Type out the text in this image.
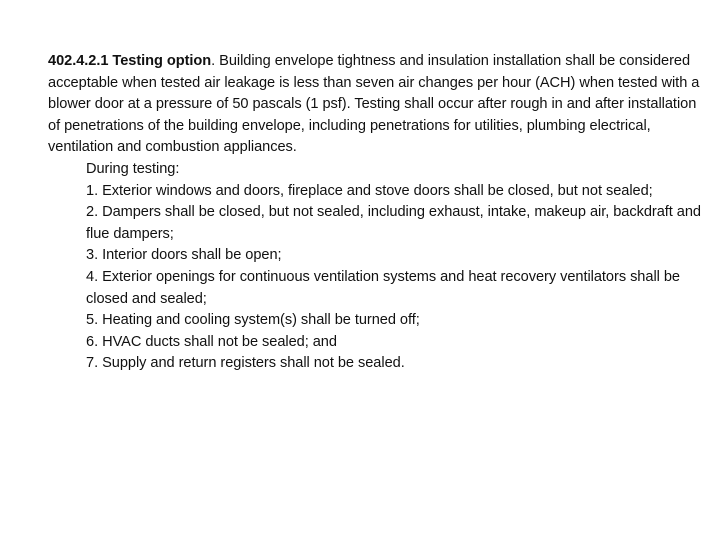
402.4.2.1 Testing option. Building envelope tightness and insulation installation shall be considered acceptable when tested air leakage is less than seven air changes per hour (ACH) when tested with a blower door at a pressure of 50 pascals (1 psf). Testing shall occur after rough in and after installation of penetrations of the building envelope, including penetrations for utilities, plumbing electrical, ventilation and combustion appliances.

During testing:

1. Exterior windows and doors, fireplace and stove doors shall be closed, but not sealed;
2. Dampers shall be closed, but not sealed, including exhaust, intake, makeup air, backdraft and flue dampers;
3. Interior doors shall be open;
4. Exterior openings for continuous ventilation systems and heat recovery ventilators shall be closed and sealed;
5. Heating and cooling system(s) shall be turned off;
6. HVAC ducts shall not be sealed; and
7. Supply and return registers shall not be sealed.
